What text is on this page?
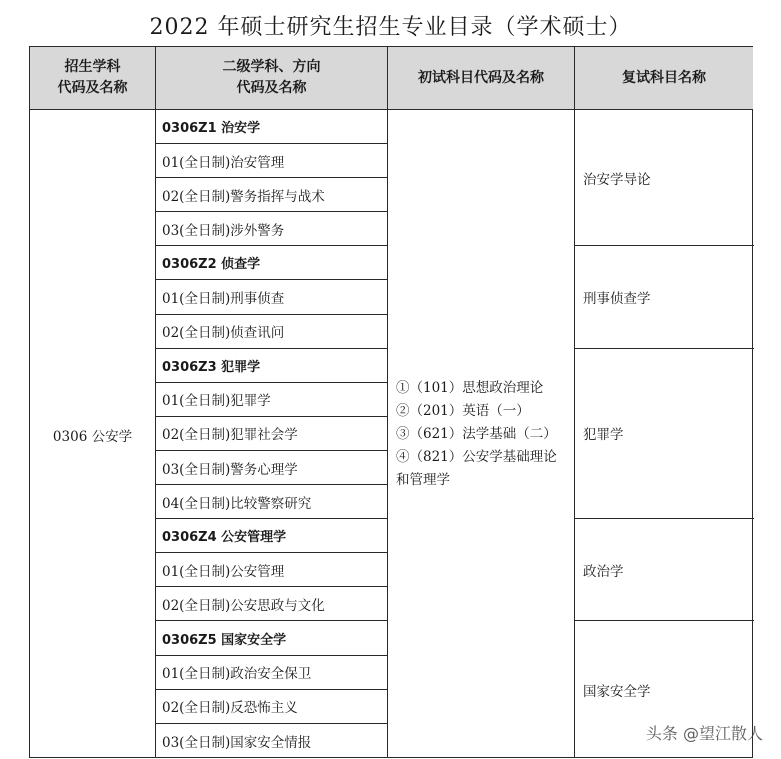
2022 年硕士研究生招生专业目录（学术硕士）
招生学科
代码及名称
二级学科、方向
代码及名称
初试科目代码及名称	复试科目名称
0306 公安学
0306Z1 治安学
01(全日制)治安管理
02(全日制)警务指挥与战术
03(全日制)涉外警务
0306Z2 侦查学
01(全日制)刑事侦查
02(全日制)侦查讯问
0306Z3 犯罪学
01(全日制)犯罪学
02(全日制)犯罪社会学
03(全日制)警务心理学
04(全日制)比较警察研究
0306Z4 公安管理学
01(全日制)公安管理
02(全日制)公安思政与文化
0306Z5 国家安全学
01(全日制)政治安全保卫
02(全日制)反恐怖主义
03(全日制)国家安全情报
①（101）思想政治理论
②（201）英语（一）
③（621）法学基础（二）
④（821）公安学基础理论
和管理学
治安学导论
刑事侦查学
犯罪学
政治学
国家安全学
头条 @望江散人
